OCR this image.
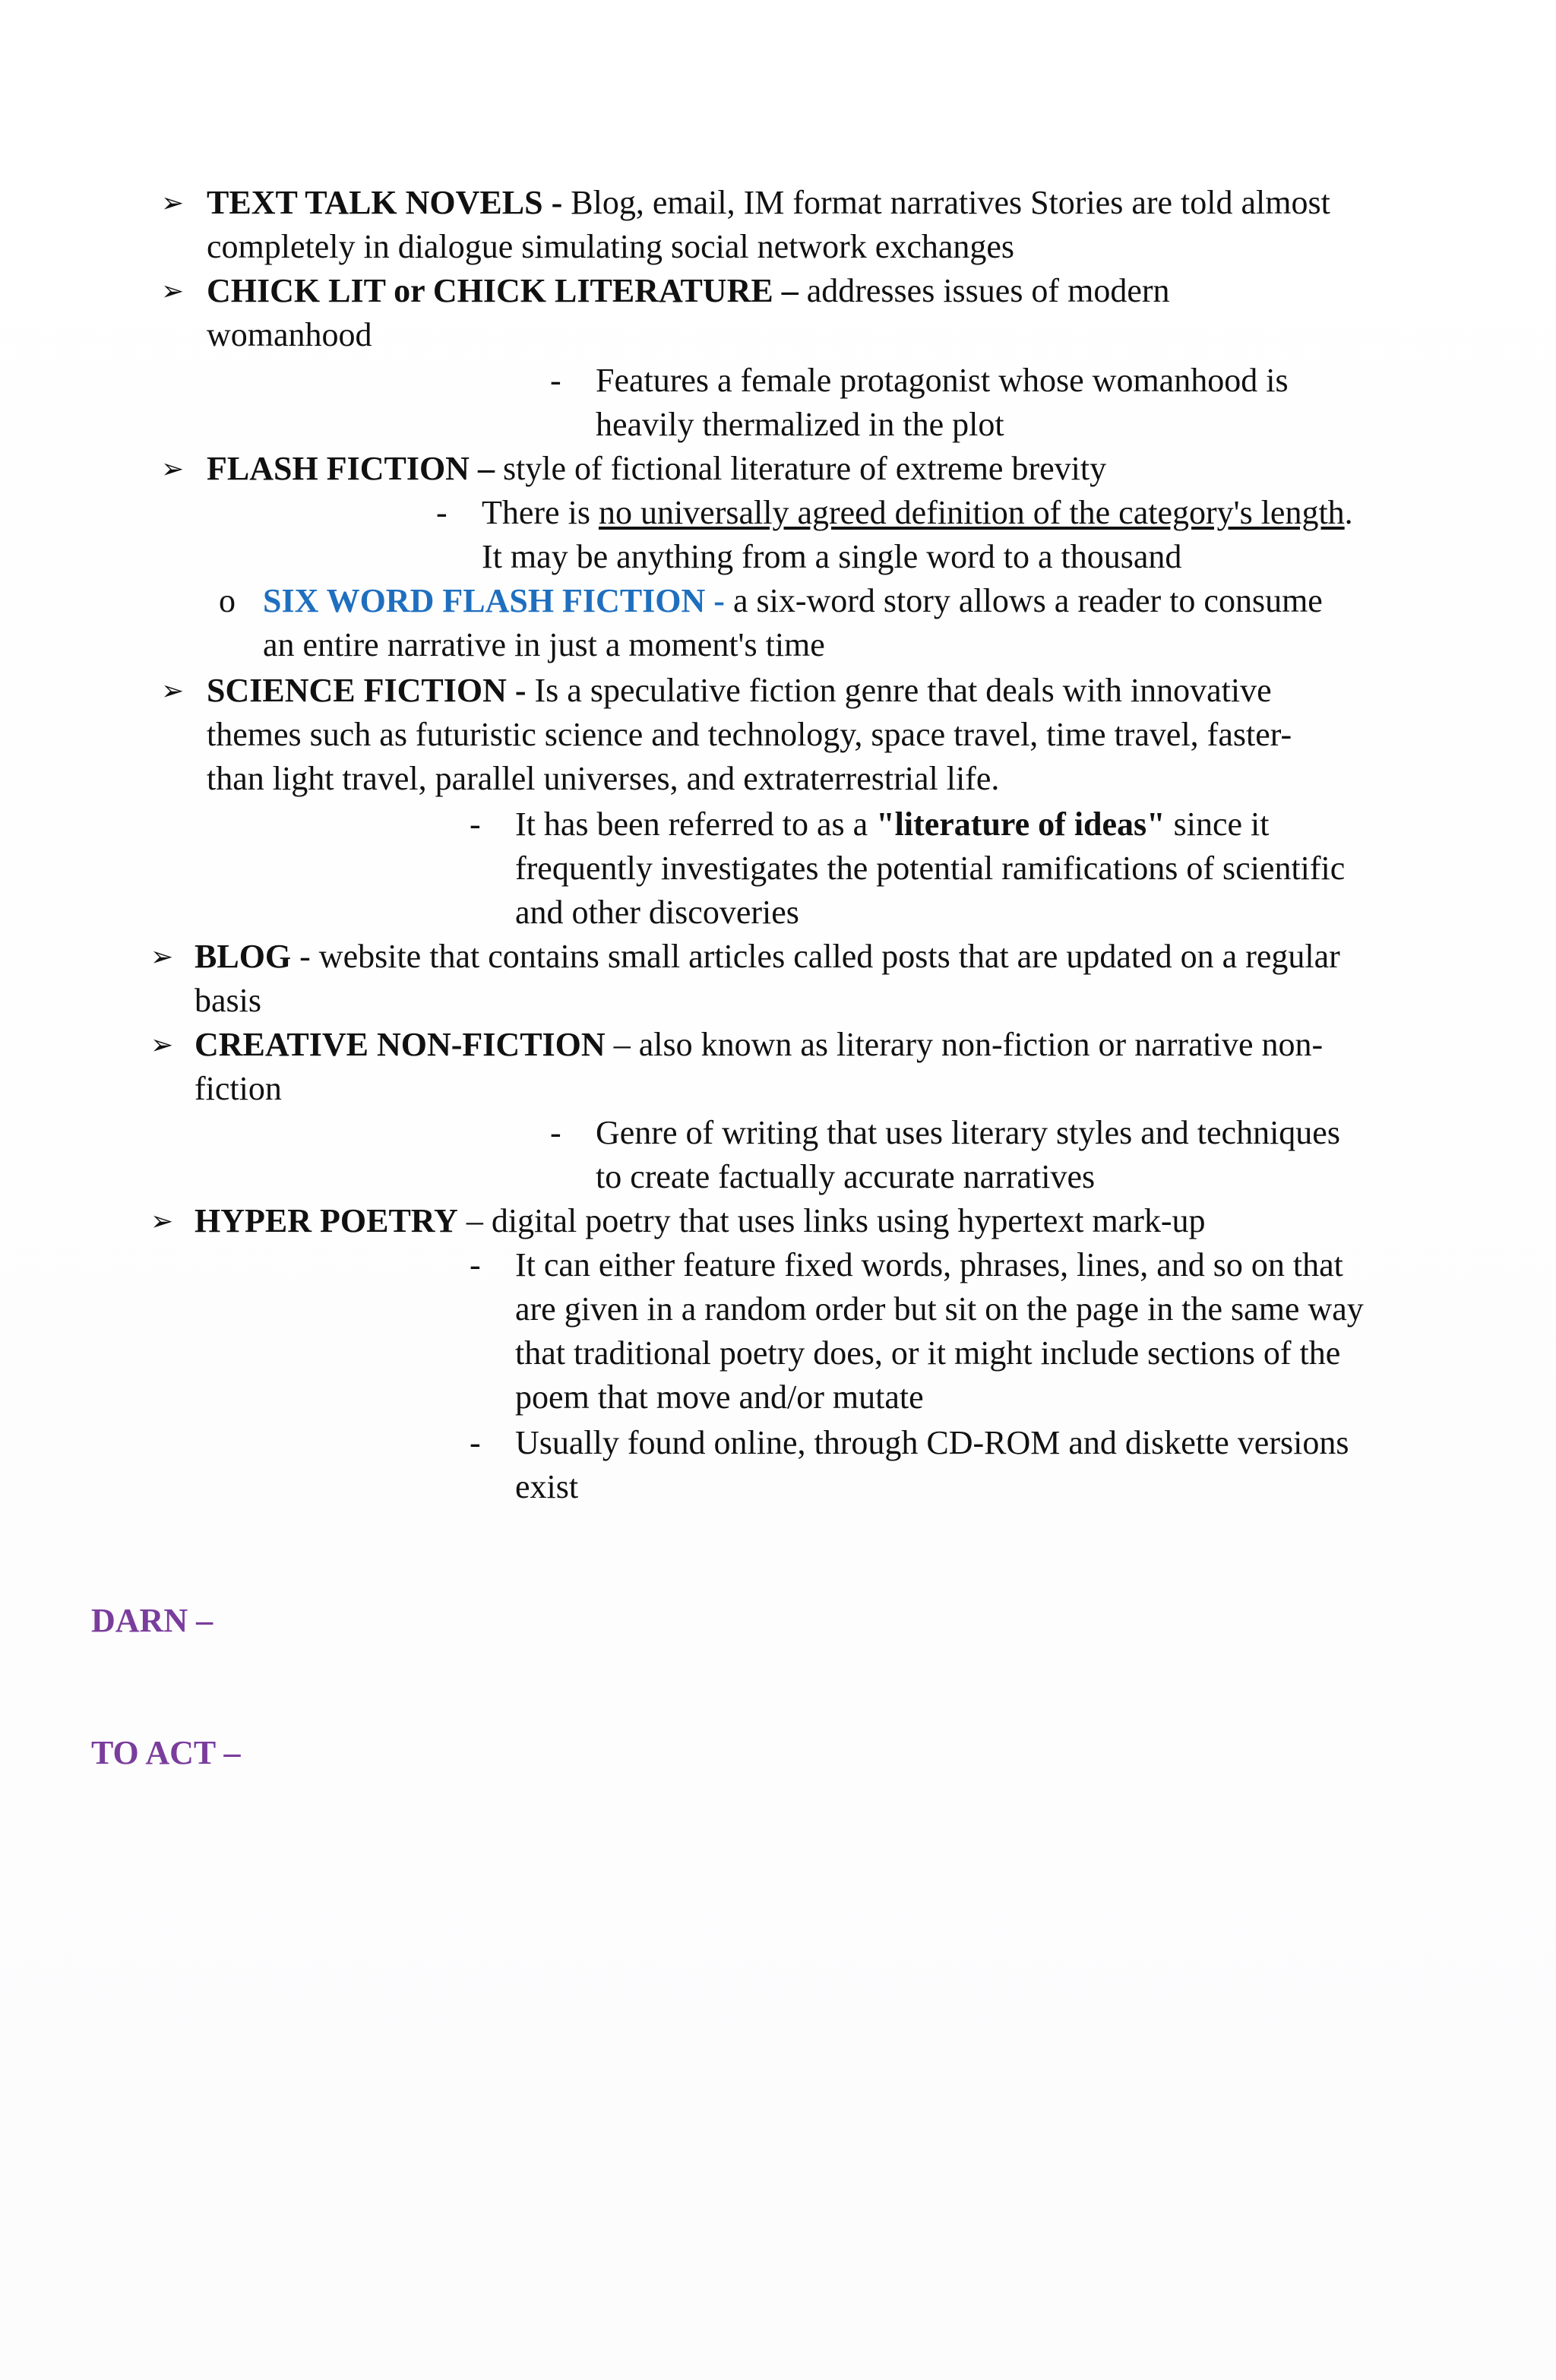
➢ TEXT TALK NOVELS - Blog, email, IM format narratives Stories are told almost
completely in dialogue simulating social network exchanges
➢ CHICK LIT or CHICK LITERATURE – addresses issues of modern
womanhood
- Features a female protagonist whose womanhood is
heavily thermalized in the plot
➢ FLASH FICTION – style of fictional literature of extreme brevity
- There is no universally agreed definition of the category's length.
It may be anything from a single word to a thousand
o SIX WORD FLASH FICTION - a six-word story allows a reader to consume
an entire narrative in just a moment's time
➢ SCIENCE FICTION - Is a speculative fiction genre that deals with innovative
themes such as futuristic science and technology, space travel, time travel, faster-
than light travel, parallel universes, and extraterrestrial life.
- It has been referred to as a "literature of ideas" since it
frequently investigates the potential ramifications of scientific
and other discoveries
➢ BLOG - website that contains small articles called posts that are updated on a regular
basis
➢ CREATIVE NON-FICTION – also known as literary non-fiction or narrative non-
fiction
- Genre of writing that uses literary styles and techniques
to create factually accurate narratives
➢ HYPER POETRY – digital poetry that uses links using hypertext mark-up
- It can either feature fixed words, phrases, lines, and so on that
are given in a random order but sit on the page in the same way
that traditional poetry does, or it might include sections of the
poem that move and/or mutate
- Usually found online, through CD-ROM and diskette versions
exist
DARN –
TO ACT –
